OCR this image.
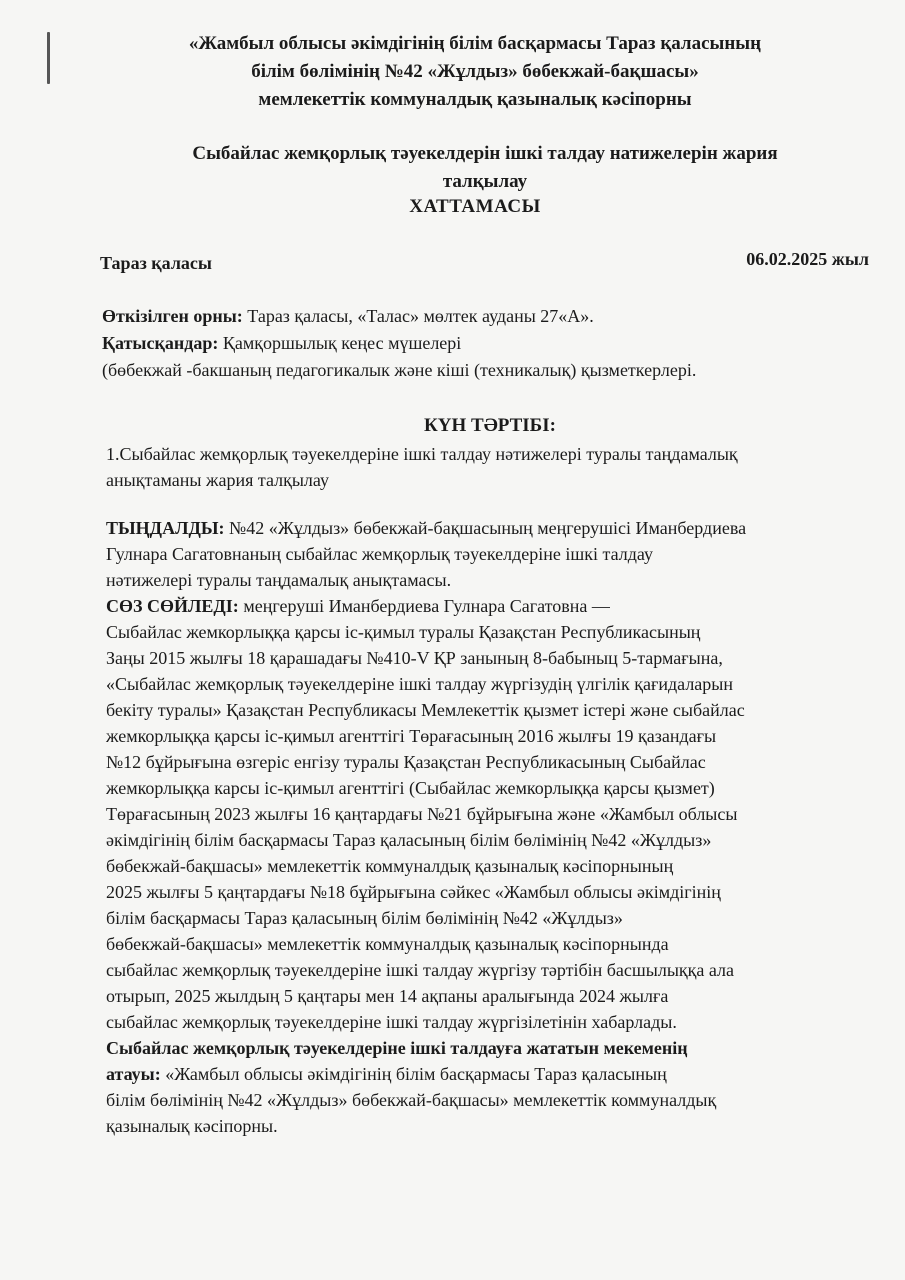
«Жамбыл облысы әкімдігінің білім басқармасы Тараз қаласының
білім бөлімінің №42 «Жұлдыз» бөбекжай-бақшасы»
мемлекеттік коммуналдық қазыналық кәсіпорны
Сыбайлас жемқорлық тәуекелдерін ішкі талдау натижелерін жария
талқылау
ХАТТАМАСЫ
Тараз қаласы	06.02.2025 жыл
Өткізілген орны: Тараз қаласы, «Талас» мөлтек ауданы 27«А».
Қатысқандар: Қамқоршылық кеңес мүшелері
(бөбекжай -бакшаның педагогикалык және кіші (техникалық) қызметкерлері.
КҮН ТӘРТІБІ:
1.Сыбайлас жемқорлық тәуекелдеріне ішкі талдау нәтижелері туралы таңдамалық
анықтаманы жария талқылау
ТЫҢДАЛДЫ: №42 «Жұлдыз» бөбекжай-бақшасының меңгерушісі Иманбердиева
Гулнара Сагатовнаның сыбайлас жемқорлық тәуекелдеріне ішкі талдау
нәтижелері туралы таңдамалық анықтамасы.
СӨЗ СӨЙЛЕДІ: меңгеруші Иманбердиева Гулнара Сагатовна —
Сыбайлас жемкорлыққа қарсы іс-қимыл туралы Қазақстан Республикасының
Заңы 2015 жылғы 18 қарашадағы №410-V ҚР занының 8-бабыныц 5-тармағына,
«Сыбайлас жемқорлық тәуекелдеріне ішкі талдау жүргізудің үлгілік қағидаларын
бекіту туралы» Қазақстан Республикасы Мемлекеттік қызмет істері және сыбайлас
жемкорлыққа қарсы іс-қимыл агенттігі Төрағасының 2016 жылғы 19 қазандағы
№12 бұйрығына өзгеріс енгізу туралы Қазақстан Республикасының Сыбайлас
жемкорлыққа карсы іс-қимыл агенттігі (Сыбайлас жемкорлыққа қарсы қызмет)
Төрағасының 2023 жылғы 16 қаңтардағы №21 бұйрығына және «Жамбыл облысы
әкімдігінің білім басқармасы Тараз қаласының білім бөлімінің №42 «Жұлдыз»
бөбекжай-бақшасы» мемлекеттік коммуналдық қазыналық кәсіпорнының
2025 жылғы 5 қаңтардағы №18 бұйрығына сәйкес «Жамбыл облысы әкімдігінің
білім басқармасы Тараз қаласының білім бөлімінің №42 «Жұлдыз»
бөбекжай-бақшасы» мемлекеттік коммуналдық қазыналық кәсіпорнында
сыбайлас жемқорлық тәуекелдеріне ішкі талдау жүргізу тәртібін басшылыққа ала
отырып, 2025 жылдың 5 қаңтары мен 14 ақпаны аралығында 2024 жылға
сыбайлас жемқорлық тәуекелдеріне ішкі талдау жүргізілетінін хабарлады.
Сыбайлас жемқорлық тәуекелдеріне ішкі талдауға жататын мекеменің
атауы: «Жамбыл облысы әкімдігінің білім басқармасы Тараз қаласының
білім бөлімінің №42 «Жұлдыз» бөбекжай-бақшасы» мемлекеттік коммуналдық
қазыналық кәсіпорны.
